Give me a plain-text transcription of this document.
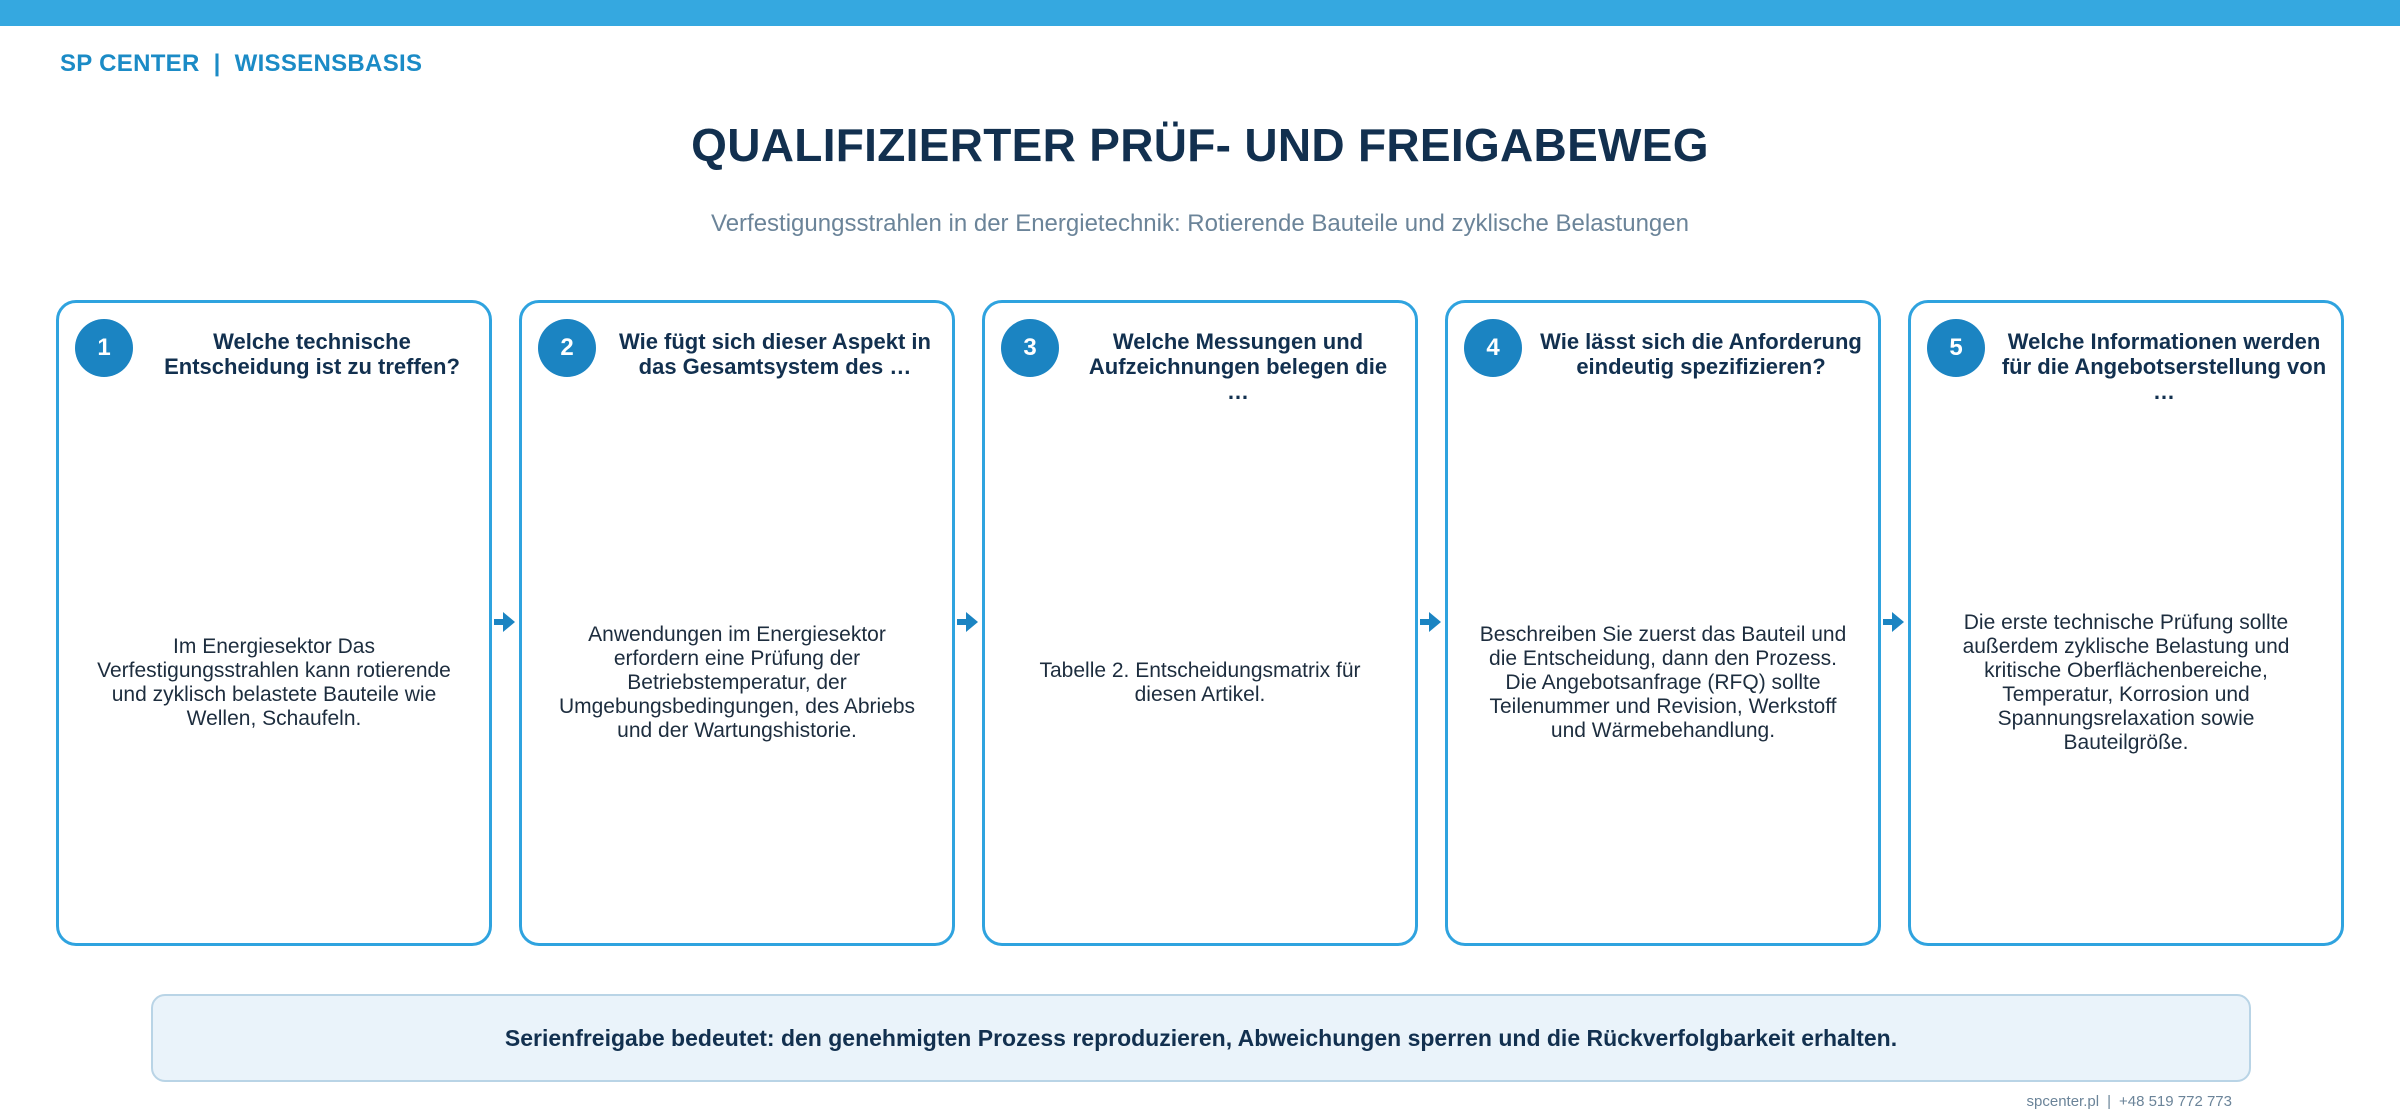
SP CENTER | WISSENSBASIS
QUALIFIZIERTER PRÜF- UND FREIGABEWEG
Verfestigungsstrahlen in der Energietechnik: Rotierende Bauteile und zyklische Belastungen
1	Welche technische Entscheidung ist zu treffen?
Im Energiesektor Das Verfestigungsstrahlen kann rotierende und zyklisch belastete Bauteile wie Wellen, Schaufeln.
2	Wie fügt sich dieser Aspekt in das Gesamtsystem des …
Anwendungen im Energiesektor erfordern eine Prüfung der Betriebstemperatur, der Umgebungsbedingungen, des Abriebs und der Wartungshistorie.
3	Welche Messungen und Aufzeichnungen belegen die …
Tabelle 2. Entscheidungsmatrix für diesen Artikel.
4	Wie lässt sich die Anforderung eindeutig spezifizieren?
Beschreiben Sie zuerst das Bauteil und die Entscheidung, dann den Prozess. Die Angebotsanfrage (RFQ) sollte Teilenummer und Revision, Werkstoff und Wärmebehandlung.
5	Welche Informationen werden für die Angebotserstellung von …
Die erste technische Prüfung sollte außerdem zyklische Belastung und kritische Oberflächenbereiche, Temperatur, Korrosion und Spannungsrelaxation sowie Bauteilgröße.
Serienfreigabe bedeutet: den genehmigten Prozess reproduzieren, Abweichungen sperren und die Rückverfolgbarkeit erhalten.
spcenter.pl | +48 519 772 773
